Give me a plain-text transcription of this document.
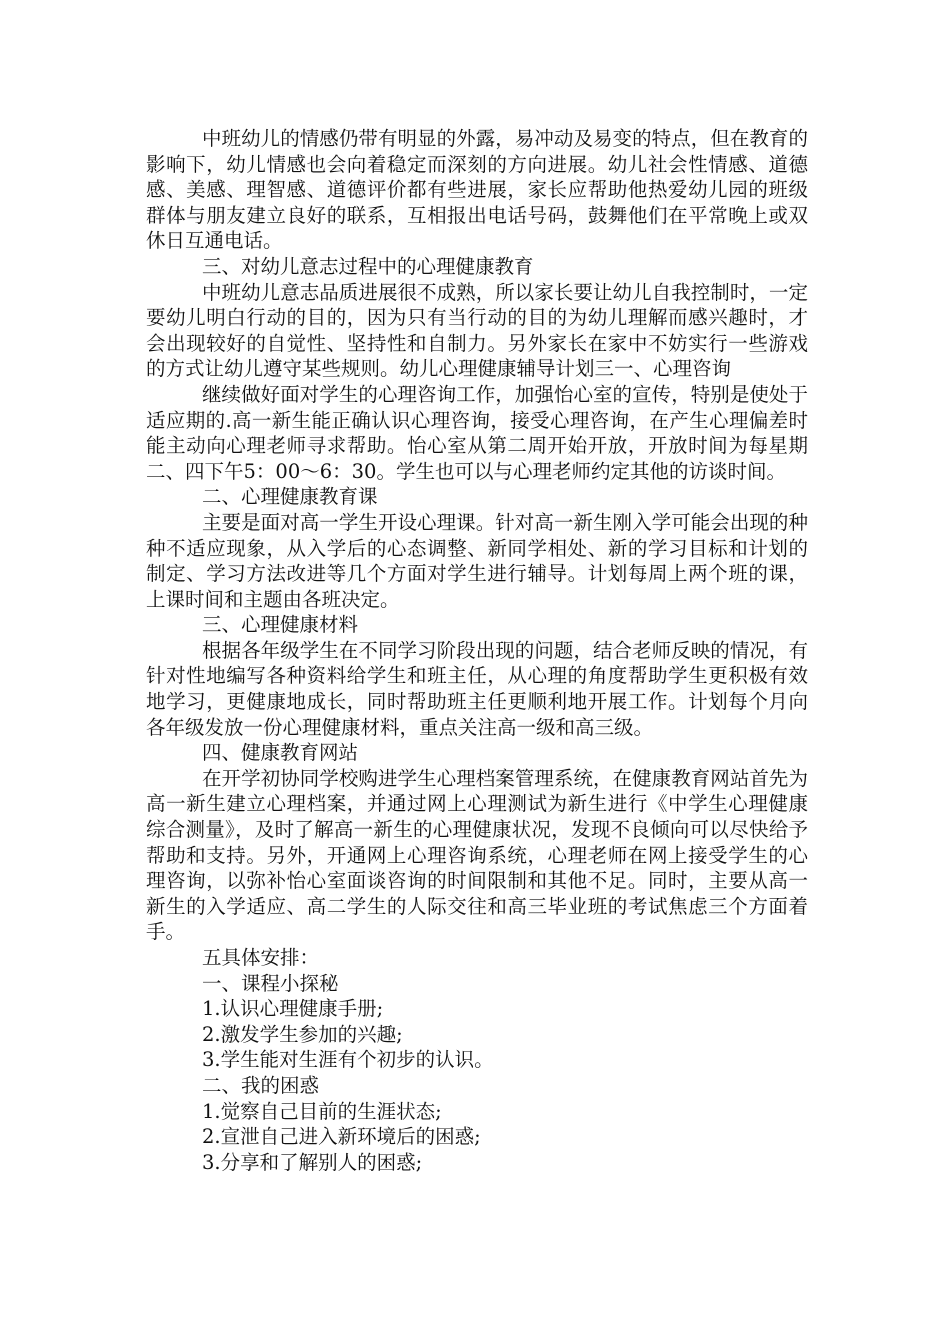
中班幼儿的情感仍带有明显的外露，易冲动及易变的特点，但在教育的影响下，幼儿情感也会向着稳定而深刻的方向进展。幼儿社会性情感、道德感、美感、理智感、道德评价都有些进展，家长应帮助他热爱幼儿园的班级群体与朋友建立良好的联系，互相报出电话号码，鼓舞他们在平常晚上或双休日互通电话。

三、对幼儿意志过程中的心理健康教育

中班幼儿意志品质进展很不成熟，所以家长要让幼儿自我控制时，一定要幼儿明白行动的目的，因为只有当行动的目的为幼儿理解而感兴趣时，才会出现较好的自觉性、坚持性和自制力。另外家长在家中不妨实行一些游戏的方式让幼儿遵守某些规则。幼儿心理健康辅导计划三一、心理咨询

继续做好面对学生的心理咨询工作，加强怡心室的宣传，特别是使处于适应期的.高一新生能正确认识心理咨询，接受心理咨询，在产生心理偏差时能主动向心理老师寻求帮助。怡心室从第二周开始开放，开放时间为每星期二、四下午5：00～6：30。学生也可以与心理老师约定其他的访谈时间。

二、心理健康教育课

主要是面对高一学生开设心理课。针对高一新生刚入学可能会出现的种种不适应现象，从入学后的心态调整、新同学相处、新的学习目标和计划的制定、学习方法改进等几个方面对学生进行辅导。计划每周上两个班的课，上课时间和主题由各班决定。

三、心理健康材料

根据各年级学生在不同学习阶段出现的问题，结合老师反映的情况，有针对性地编写各种资料给学生和班主任，从心理的角度帮助学生更积极有效地学习，更健康地成长，同时帮助班主任更顺利地开展工作。计划每个月向各年级发放一份心理健康材料，重点关注高一级和高三级。

四、健康教育网站

在开学初协同学校购进学生心理档案管理系统，在健康教育网站首先为高一新生建立心理档案，并通过网上心理测试为新生进行《中学生心理健康综合测量》，及时了解高一新生的心理健康状况，发现不良倾向可以尽快给予帮助和支持。另外，开通网上心理咨询系统，心理老师在网上接受学生的心理咨询，以弥补怡心室面谈咨询的时间限制和其他不足。同时，主要从高一新生的入学适应、高二学生的人际交往和高三毕业班的考试焦虑三个方面着手。

五具体安排：

一、课程小探秘

1.认识心理健康手册;

2.激发学生参加的兴趣;

3.学生能对生涯有个初步的认识。

二、我的困惑

1.觉察自己目前的生涯状态;

2.宣泄自己进入新环境后的困惑;

3.分享和了解别人的困惑;
